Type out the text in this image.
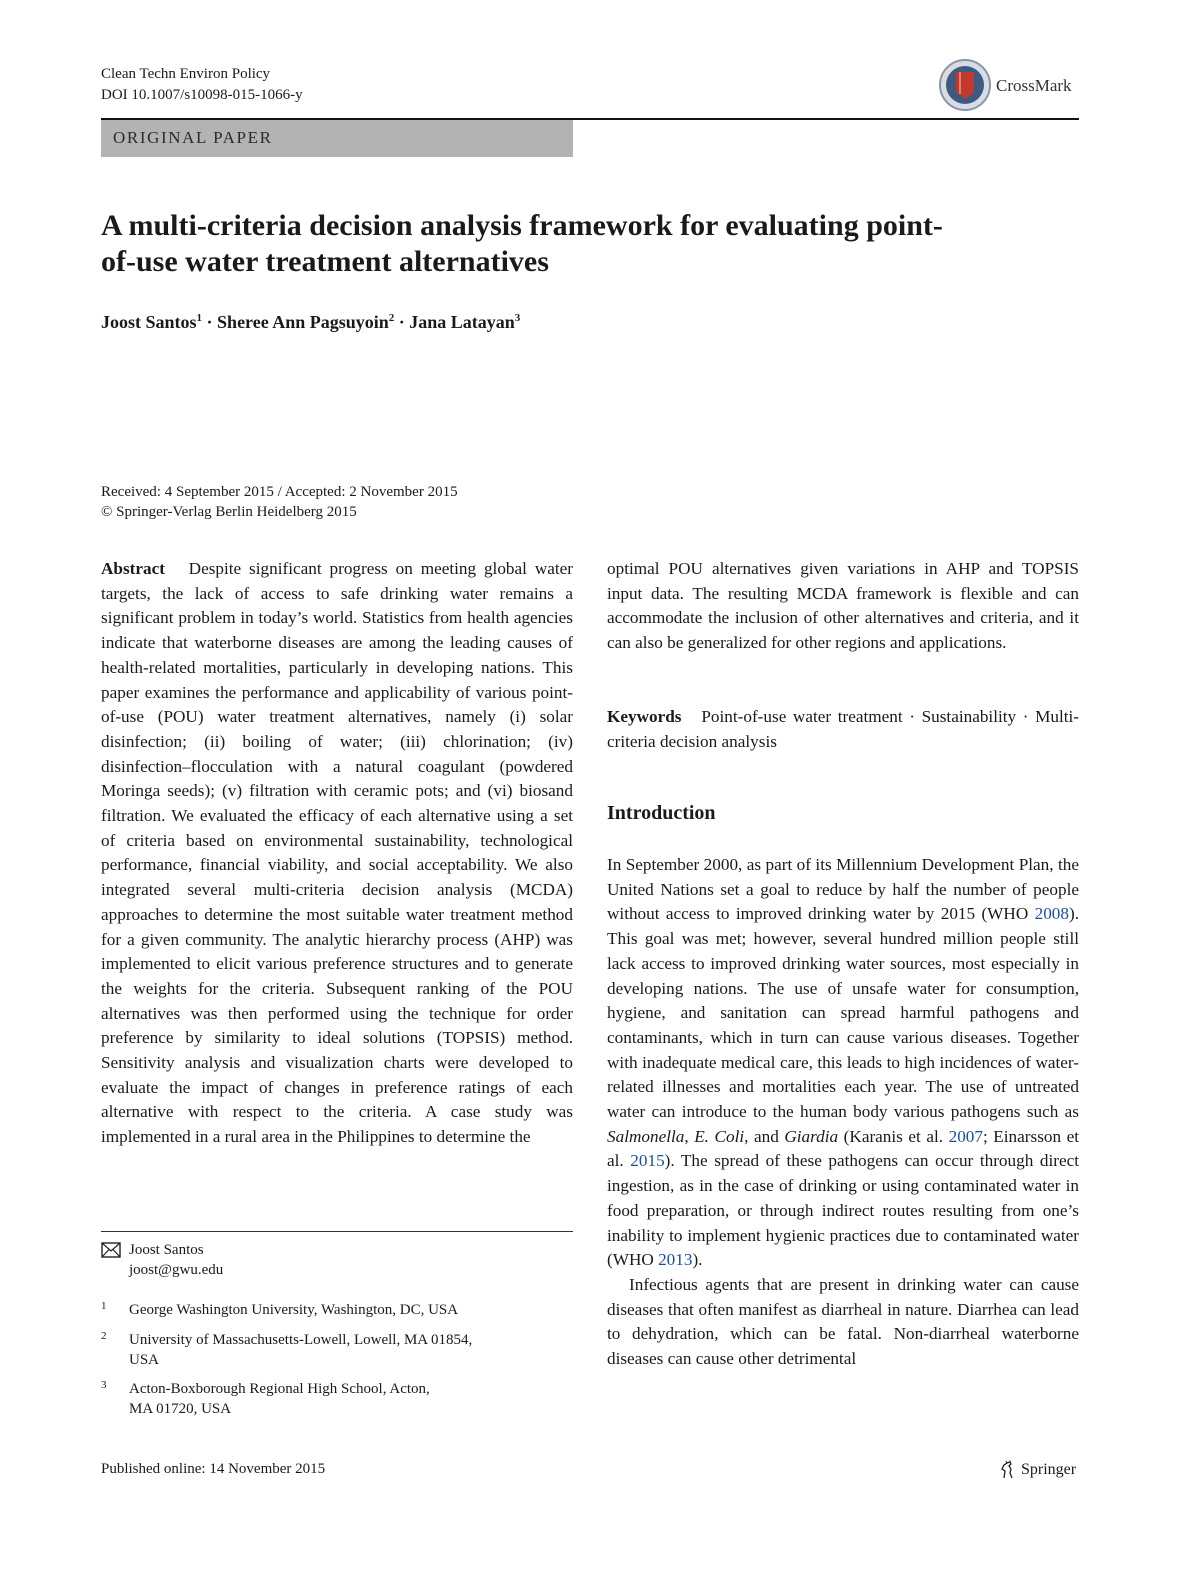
Clean Techn Environ Policy
DOI 10.1007/s10098-015-1066-y	CrossMark
ORIGINAL PAPER
A multi-criteria decision analysis framework for evaluating point-
of-use water treatment alternatives
Joost Santos$^1$ · Sheree Ann Pagsuyoin$^2$ · Jana Latayan$^3$
Received: 4 September 2015 / Accepted: 2 November 2015
© Springer-Verlag Berlin Heidelberg 2015

Abstract Despite significant progress on meeting global water targets, the lack of access to safe drinking water remains a significant problem in today’s world. Statistics from health agencies indicate that waterborne diseases are among the leading causes of health-related mortalities, particularly in developing nations. This paper examines the performance and applicability of various point-of-use (POU) water treatment alternatives, namely (i) solar disinfection; (ii) boiling of water; (iii) chlorination; (iv) disinfection–flocculation with a natural coagulant (powdered Moringa seeds); (v) filtration with ceramic pots; and (vi) biosand filtration. We evaluated the efficacy of each alternative using a set of criteria based on environmental sustainability, technological performance, financial viability, and social acceptability. We also integrated several multi-criteria decision analysis (MCDA) approaches to determine the most suitable water treatment method for a given community. The analytic hierarchy process (AHP) was implemented to elicit various preference structures and to generate the weights for the criteria. Subsequent ranking of the POU alternatives was then performed using the technique for order preference by similarity to ideal solutions (TOPSIS) method. Sensitivity analysis and visualization charts were developed to evaluate the impact of changes in preference ratings of each alternative with respect to the criteria. A case study was implemented in a rural area in the Philippines to determine the

optimal POU alternatives given variations in AHP and TOPSIS input data. The resulting MCDA framework is flexible and can accommodate the inclusion of other alternatives and criteria, and it can also be generalized for other regions and applications.

Keywords Point-of-use water treatment · Sustainability · Multi-criteria decision analysis

Introduction

In September 2000, as part of its Millennium Development Plan, the United Nations set a goal to reduce by half the number of people without access to improved drinking water by 2015 (WHO 2008). This goal was met; however, several hundred million people still lack access to improved drinking water sources, most especially in developing nations. The use of unsafe water for consumption, hygiene, and sanitation can spread harmful pathogens and contaminants, which in turn can cause various diseases. Together with inadequate medical care, this leads to high incidences of water-related illnesses and mortalities each year. The use of untreated water can introduce to the human body various pathogens such as Salmonella, E. Coli, and Giardia (Karanis et al. 2007; Einarsson et al. 2015). The spread of these pathogens can occur through direct ingestion, as in the case of drinking or using contaminated water in food preparation, or through indirect routes resulting from one’s inability to implement hygienic practices due to contaminated water (WHO 2013).

Infectious agents that are present in drinking water can cause diseases that often manifest as diarrheal in nature. Diarrhea can lead to dehydration, which can be fatal. Non-diarrheal waterborne diseases can cause other detrimental

Joost Santos
joost@gwu.edu
1 George Washington University, Washington, DC, USA
2 University of Massachusetts-Lowell, Lowell, MA 01854,
USA
3 Acton-Boxborough Regional High School, Acton,
MA 01720, USA
Published online: 14 November 2015	Springer
